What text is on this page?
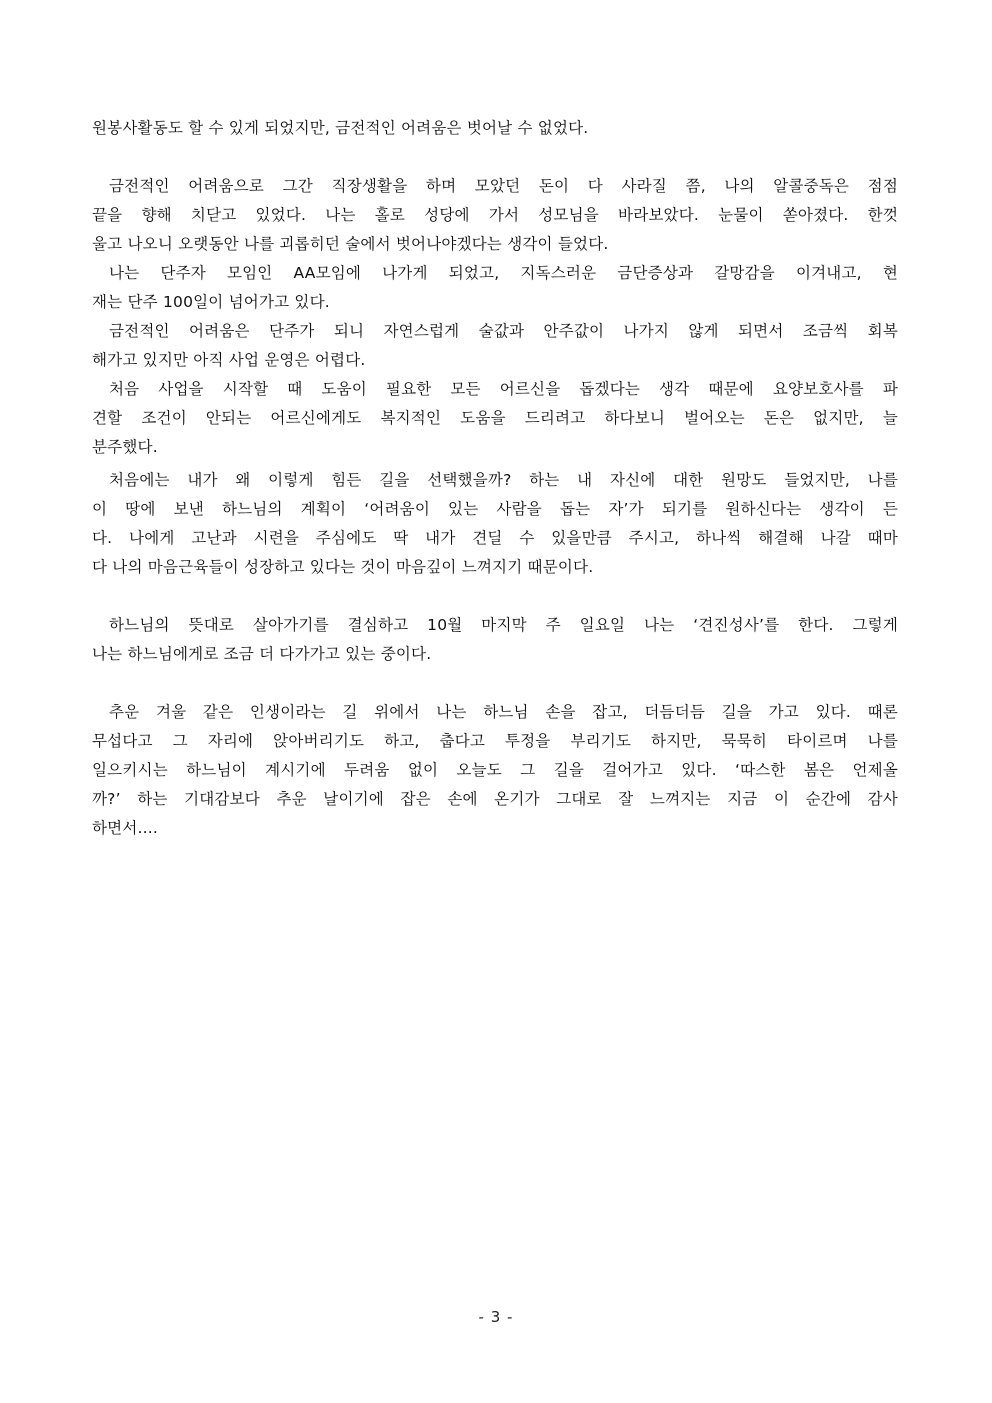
원봉사활동도 할 수 있게 되었지만, 금전적인 어려움은 벗어날 수 없었다.
금전적인 어려움으로 그간 직장생활을 하며 모았던 돈이 다 사라질 쯤, 나의 알콜중독은 점점
끝을 향해 치닫고 있었다. 나는 홀로 성당에 가서 성모님을 바라보았다. 눈물이 쏟아졌다. 한껏
울고 나오니 오랫동안 나를 괴롭히던 술에서 벗어나야겠다는 생각이 들었다.
나는 단주자 모임인 AA모임에 나가게 되었고, 지독스러운 금단증상과 갈망감을 이겨내고, 현
재는 단주 100일이 넘어가고 있다.
금전적인 어려움은 단주가 되니 자연스럽게 술값과 안주값이 나가지 않게 되면서 조금씩 회복
해가고 있지만 아직 사업 운영은 어렵다.
처음 사업을 시작할 때 도움이 필요한 모든 어르신을 돕겠다는 생각 때문에 요양보호사를 파
견할 조건이 안되는 어르신에게도 복지적인 도움을 드리려고 하다보니 벌어오는 돈은 없지만, 늘
분주했다.
처음에는 내가 왜 이렇게 힘든 길을 선택했을까? 하는 내 자신에 대한 원망도 들었지만, 나를
이 땅에 보낸 하느님의 계획이 ‘어려움이 있는 사람을 돕는 자’가 되기를 원하신다는 생각이 든
다. 나에게 고난과 시련을 주심에도 딱 내가 견딜 수 있을만큼 주시고, 하나씩 해결해 나갈 때마
다 나의 마음근육들이 성장하고 있다는 것이 마음깊이 느껴지기 때문이다.
하느님의 뜻대로 살아가기를 결심하고 10월 마지막 주 일요일 나는 ‘견진성사’를 한다. 그렇게
나는 하느님에게로 조금 더 다가가고 있는 중이다.
추운 겨울 같은 인생이라는 길 위에서 나는 하느님 손을 잡고, 더듬더듬 길을 가고 있다. 때론
무섭다고 그 자리에 앉아버리기도 하고, 춥다고 투정을 부리기도 하지만, 묵묵히 타이르며 나를
일으키시는 하느님이 계시기에 두려움 없이 오늘도 그 길을 걸어가고 있다. ‘따스한 봄은 언제올
까?’ 하는 기대감보다 추운 날이기에 잡은 손에 온기가 그대로 잘 느껴지는 지금 이 순간에 감사
하면서....
- 3 -
